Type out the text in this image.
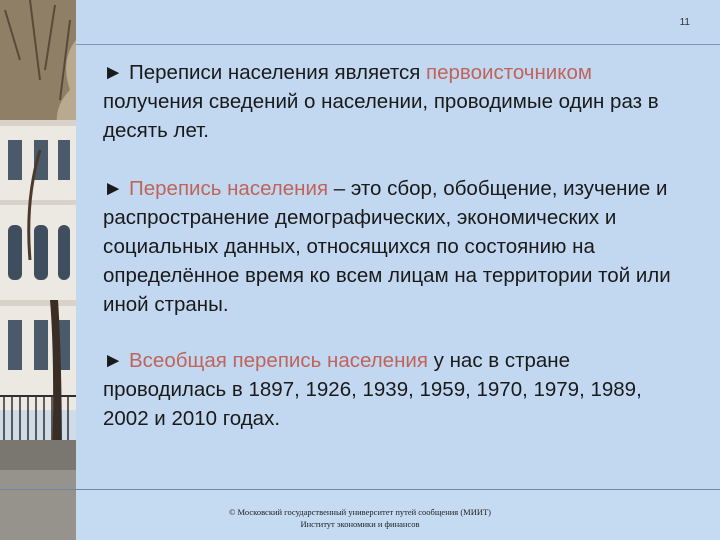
11
► Переписи населения является первоисточником получения сведений о населении, проводимые один раз в десять лет.
► Перепись населения – это сбор, обобщение, изучение и распространение демографических, экономических и социальных данных, относящихся по состоянию на определённое время ко всем лицам на территории той или иной страны.
► Всеобщая перепись населения у нас в стране проводилась в 1897, 1926, 1939, 1959, 1970, 1979, 1989, 2002 и 2010 годах.
© Московский государственный университет путей сообщения (МИИТ)
Институт экономики и финансов
